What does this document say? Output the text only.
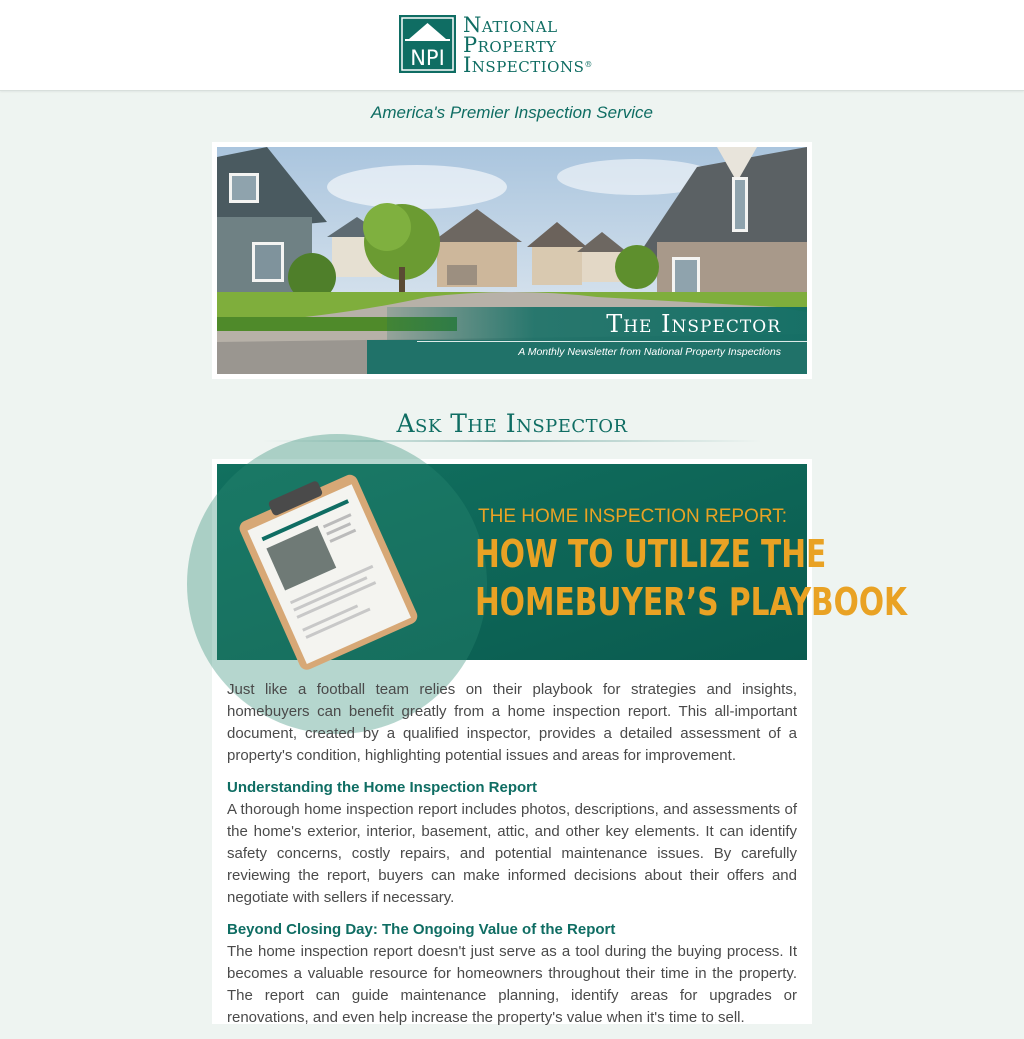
NPI
National
Property
Inspections®
America's Premier Inspection Service
The Inspector
A Monthly Newsletter from National Property Inspections
Ask The Inspector
THE HOME INSPECTION REPORT:
HOW TO UTILIZE THE
HOMEBUYER’S PLAYBOOK

Just like a football team relies on their playbook for strategies and insights, homebuyers can benefit greatly from a home inspection report. This all-important document, created by a qualified inspector, provides a detailed assessment of a property's condition, highlighting potential issues and areas for improvement.

Understanding the Home Inspection Report

A thorough home inspection report includes photos, descriptions, and assessments of the home's exterior, interior, basement, attic, and other key elements. It can identify safety concerns, costly repairs, and potential maintenance issues. By carefully reviewing the report, buyers can make informed decisions about their offers and negotiate with sellers if necessary.

Beyond Closing Day: The Ongoing Value of the Report

The home inspection report doesn't just serve as a tool during the buying process. It becomes a valuable resource for homeowners throughout their time in the property. The report can guide maintenance planning, identify areas for upgrades or renovations, and even help increase the property's value when it's time to sell.
